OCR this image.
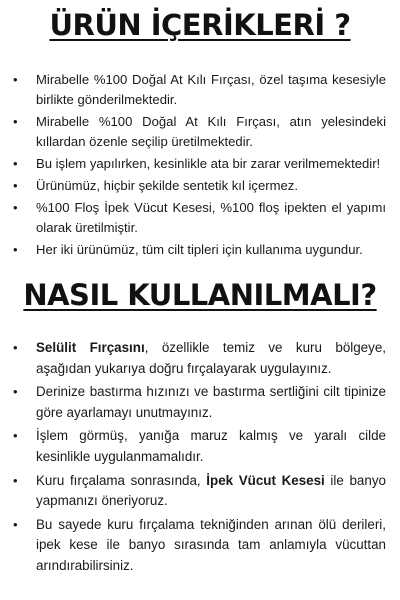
ÜRÜN İÇERİKLERİ ?
• Mirabelle %100 Doğal At Kılı Fırçası, özel taşıma kesesiyle birlikte gönderilmektedir.
• Mirabelle %100 Doğal At Kılı Fırçası, atın yelesindeki kıllardan özenle seçilip üretilmektedir.
• Bu işlem yapılırken, kesinlikle ata bir zarar verilmemektedir!
• Ürünümüz, hiçbir şekilde sentetik kıl içermez.
• %100 Floş İpek Vücut Kesesi, %100 floş ipekten el yapımı olarak üretilmiştir.
• Her iki ürünümüz, tüm cilt tipleri için kullanıma uygundur.
NASIL KULLANILMALI?
• Selülit Fırçasını, özellikle temiz ve kuru bölgeye, aşağıdan yukarıya doğru fırçalayarak uygulayınız.
• Derinize bastırma hızınızı ve bastırma sertliğini cilt tipinize göre ayarlamayı unutmayınız.
• İşlem görmüş, yanığa maruz kalmış ve yaralı cilde kesinlikle uygulanmamalıdır.
• Kuru fırçalama sonrasında, İpek Vücut Kesesi ile banyo yapmanızı öneriyoruz.
• Bu sayede kuru fırçalama tekniğinden arınan ölü derileri, ipek kese ile banyo sırasında tam anlamıyla vücuttan arındırabilirsiniz.
